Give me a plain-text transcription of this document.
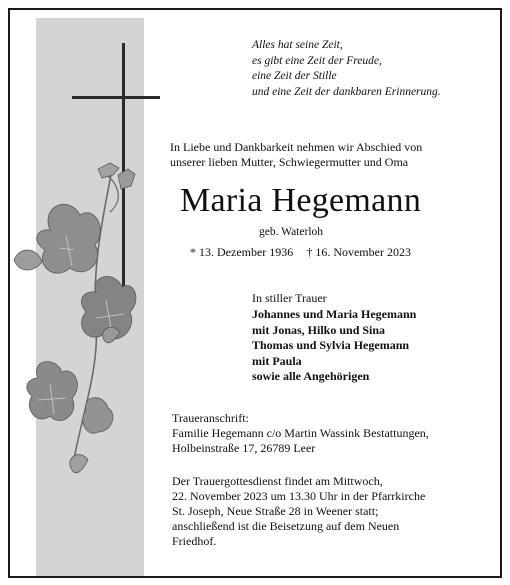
Alles hat seine Zeit,
es gibt eine Zeit der Freude,
eine Zeit der Stille
und eine Zeit der dankbaren Erinnerung.
In Liebe und Dankbarkeit nehmen wir Abschied von
unserer lieben Mutter, Schwiegermutter und Oma
Maria Hegemann
geb. Waterloh
* 13. Dezember 1936 † 16. November 2023
In stiller Trauer
Johannes und Maria Hegemann
mit Jonas, Hilko und Sina
Thomas und Sylvia Hegemann
mit Paula
sowie alle Angehörigen
Traueranschrift:
Familie Hegemann c/o Martin Wassink Bestattungen,
Holbeinstraße 17, 26789 Leer
Der Trauergottesdienst findet am Mittwoch,
22. November 2023 um 13.30 Uhr in der Pfarrkirche
St. Joseph, Neue Straße 28 in Weener statt;
anschließend ist die Beisetzung auf dem Neuen
Friedhof.
